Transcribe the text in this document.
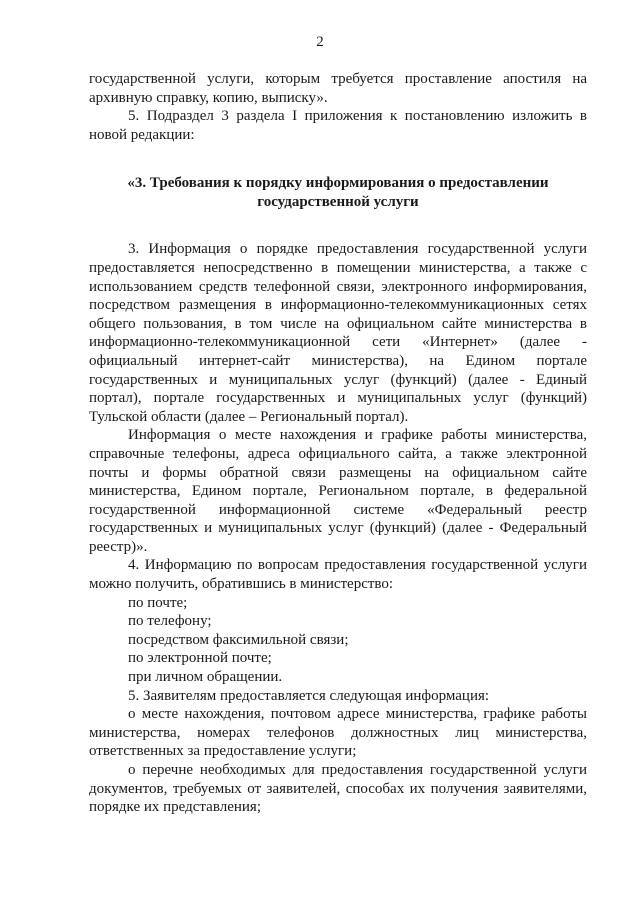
2

государственной услуги, которым требуется проставление апостиля на архивную справку, копию, выписку».

5. Подраздел 3 раздела I приложения к постановлению изложить в новой редакции:

«3. Требования к порядку информирования о предоставлении государственной услуги

3. Информация о порядке предоставления государственной услуги предоставляется непосредственно в помещении министерства, а также с использованием средств телефонной связи, электронного информирования, посредством размещения в информационно-телекоммуникационных сетях общего пользования, в том числе на официальном сайте министерства в информационно-телекоммуникационной сети «Интернет» (далее - официальный интернет-сайт министерства), на Едином портале государственных и муниципальных услуг (функций) (далее - Единый портал), портале государственных и муниципальных услуг (функций) Тульской области (далее – Региональный портал).

Информация о месте нахождения и графике работы министерства, справочные телефоны, адреса официального сайта, а также электронной почты и формы обратной связи размещены на официальном сайте министерства, Едином портале, Региональном портале, в федеральной государственной информационной системе «Федеральный реестр государственных и муниципальных услуг (функций) (далее - Федеральный реестр)».

4. Информацию по вопросам предоставления государственной услуги можно получить, обратившись в министерство:

по почте;

по телефону;

посредством факсимильной связи;

по электронной почте;

при личном обращении.

5. Заявителям предоставляется следующая информация:

о месте нахождения, почтовом адресе министерства, графике работы министерства, номерах телефонов должностных лиц министерства, ответственных за предоставление услуги;

о перечне необходимых для предоставления государственной услуги документов, требуемых от заявителей, способах их получения заявителями, порядке их представления;
